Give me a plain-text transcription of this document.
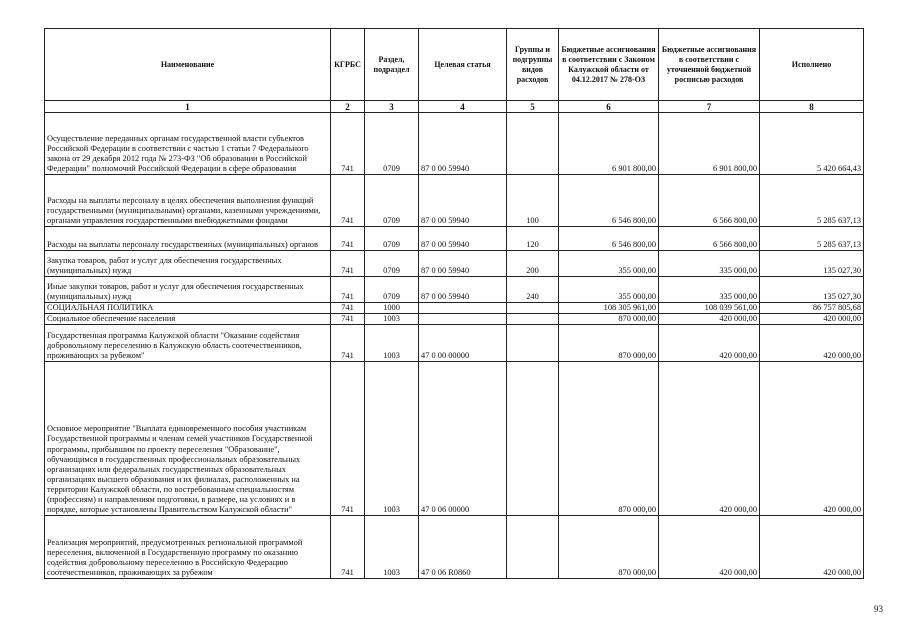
Наименование	КГРБС	Раздел, подраздел	Целевая статья	Группы и подгруппы видов расходов	Бюджетные ассигнования в соответствии с Законом Калужской области от 04.12.2017 № 278-ОЗ	Бюджетные ассигнования в соответствии с уточненной бюджетной росписью расходов	Исполнено
1	2	3	4	5	6	7	8
Осуществление переданных органам государственной власти субъектов Российской Федерации в соответствии с частью 1 статьи 7 Федерального закона от 29 декабря 2012 года № 273-ФЗ "Об образовании в Российской Федерации" полномочий Российской Федерации в сфере образования	741	0709	87 0 00 59940		6 901 800,00	6 901 800,00	5 420 664,43
Расходы на выплаты персоналу в целях обеспечения выполнения функций государственными (муниципальными) органами, казенными учреждениями, органами управления государственными внебюджетными фондами	741	0709	87 0 00 59940	100	6 546 800,00	6 566 800,00	5 285 637,13
Расходы на выплаты персоналу государственных (муниципальных) органов	741	0709	87 0 00 59940	120	6 546 800,00	6 566 800,00	5 285 637,13
Закупка товаров, работ и услуг для обеспечения государственных (муниципальных) нужд	741	0709	87 0 00 59940	200	355 000,00	335 000,00	135 027,30
Иные закупки товаров, работ и услуг для обеспечения государственных (муниципальных) нужд	741	0709	87 0 00 59940	240	355 000,00	335 000,00	135 027,30
СОЦИАЛЬНАЯ ПОЛИТИКА	741	1000			108 305 961,00	108 039 561,00	86 757 805,68
Социальное обеспечение населения	741	1003			870 000,00	420 000,00	420 000,00
Государственная программа Калужской области "Оказание содействия добровольному переселению в Калужскую область соотечественников, проживающих за рубежом"	741	1003	47 0 00 00000		870 000,00	420 000,00	420 000,00
Основное мероприятие "Выплата единовременного пособия участникам Государственной программы и членам семей участников Государственной программы, прибывшим по проекту переселения "Образование", обучающимся в государственных профессиональных образовательных организациях или федеральных государственных образовательных организациях высшего образования и их филиалах, расположенных на территории Калужской области, по востребованным специальностям (профессиям) и направлениям подготовки, в размере, на условиях и в порядке, которые установлены Правительством Калужской области"	741	1003	47 0 06 00000		870 000,00	420 000,00	420 000,00
Реализация мероприятий, предусмотренных региональной программой переселения, включенной в Государственную программу по оказанию содействия добровольному переселению в Российскую Федерацию соотечественников, проживающих за рубежом	741	1003	47 0 06 R0860		870 000,00	420 000,00	420 000,00
93
